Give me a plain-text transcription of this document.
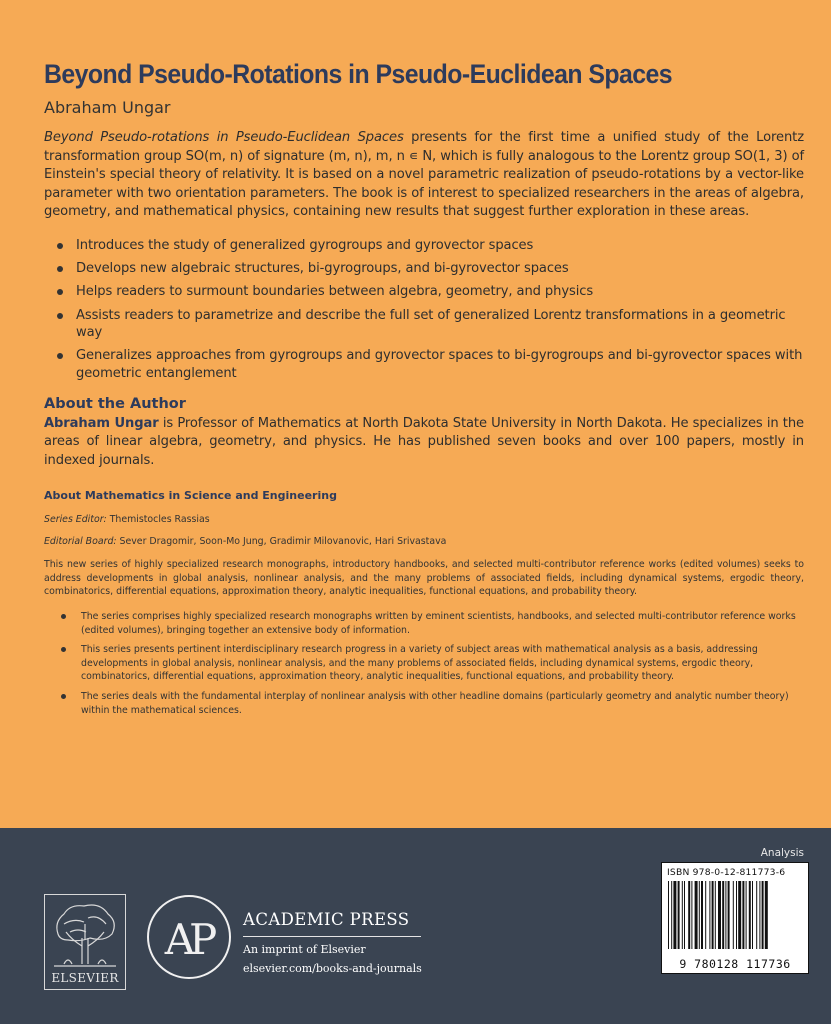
Beyond Pseudo-Rotations in Pseudo-Euclidean Spaces
Abraham Ungar

Beyond Pseudo-rotations in Pseudo-Euclidean Spaces presents for the first time a unified study of the Lorentz transformation group SO(m, n) of signature (m, n), m, n ∊ N, which is fully analogous to the Lorentz group SO(1, 3) of Einstein's special theory of relativity. It is based on a novel parametric realization of pseudo-rotations by a vector-like parameter with two orientation parameters. The book is of interest to specialized researchers in the areas of algebra, geometry, and mathematical physics, containing new results that suggest further exploration in these areas.

Introduces the study of generalized gyrogroups and gyrovector spaces
Develops new algebraic structures, bi-gyrogroups, and bi-gyrovector spaces
Helps readers to surmount boundaries between algebra, geometry, and physics
Assists readers to parametrize and describe the full set of generalized Lorentz transformations in a geometric way
Generalizes approaches from gyrogroups and gyrovector spaces to bi-gyrogroups and bi-gyrovector spaces with geometric entanglement
About the Author

Abraham Ungar is Professor of Mathematics at North Dakota State University in North Dakota. He specializes in the areas of linear algebra, geometry, and physics. He has published seven books and over 100 papers, mostly in indexed journals.

About Mathematics in Science and Engineering
Series Editor: Themistocles Rassias
Editorial Board: Sever Dragomir, Soon-Mo Jung, Gradimir Milovanovic, Hari Srivastava

This new series of highly specialized research monographs, introductory handbooks, and selected multi-contributor reference works (edited volumes) seeks to address developments in global analysis, nonlinear analysis, and the many problems of associated fields, including dynamical systems, ergodic theory, combinatorics, differential equations, approximation theory, analytic inequalities, functional equations, and probability theory.

The series comprises highly specialized research monographs written by eminent scientists, handbooks, and selected multi-contributor reference works (edited volumes), bringing together an extensive body of information.
This series presents pertinent interdisciplinary research progress in a variety of subject areas with mathematical analysis as a basis, addressing developments in global analysis, nonlinear analysis, and the many problems of associated fields, including dynamical systems, ergodic theory, combinatorics, differential equations, approximation theory, analytic inequalities, functional equations, and probability theory.
The series deals with the fundamental interplay of nonlinear analysis with other headline domains (particularly geometry and analytic number theory) within the mathematical sciences.
Analysis
ISBN 978-0-12-811773-6
9 780128 117736
ELSEVIER
AP ACADEMIC PRESS
An imprint of Elsevier
elsevier.com/books-and-journals
